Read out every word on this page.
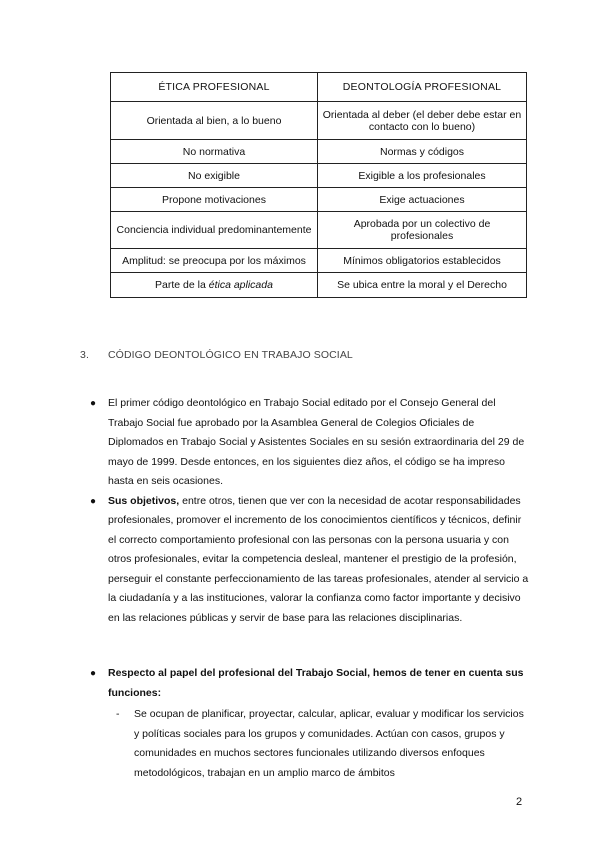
ÉTICA PROFESIONAL	DEONTOLOGÍA PROFESIONAL
Orientada al bien, a lo bueno	Orientada al deber (el deber debe estar en contacto con lo bueno)
No normativa	Normas y códigos
No exigible	Exigible a los profesionales
Propone motivaciones	Exige actuaciones
Conciencia individual predominantemente	Aprobada por un colectivo de profesionales
Amplitud: se preocupa por los máximos	Mínimos obligatorios establecidos
Parte de la ética aplicada	Se ubica entre la moral y el Derecho
3. CÓDIGO DEONTOLÓGICO EN TRABAJO SOCIAL
● El primer código deontológico en Trabajo Social editado por el Consejo General del Trabajo Social fue aprobado por la Asamblea General de Colegios Oficiales de Diplomados en Trabajo Social y Asistentes Sociales en su sesión extraordinaria del 29 de mayo de 1999. Desde entonces, en los siguientes diez años, el código se ha impreso hasta en seis ocasiones.
● Sus objetivos, entre otros, tienen que ver con la necesidad de acotar responsabilidades profesionales, promover el incremento de los conocimientos científicos y técnicos, definir el correcto comportamiento profesional con las personas con la persona usuaria y con otros profesionales, evitar la competencia desleal, mantener el prestigio de la profesión, perseguir el constante perfeccionamiento de las tareas profesionales, atender al servicio a la ciudadanía y a las instituciones, valorar la confianza como factor importante y decisivo en las relaciones públicas y servir de base para las relaciones disciplinarias.
● Respecto al papel del profesional del Trabajo Social, hemos de tener en cuenta sus funciones:
- Se ocupan de planificar, proyectar, calcular, aplicar, evaluar y modificar los servicios y políticas sociales para los grupos y comunidades. Actúan con casos, grupos y comunidades en muchos sectores funcionales utilizando diversos enfoques metodológicos, trabajan en un amplio marco de ámbitos
2
